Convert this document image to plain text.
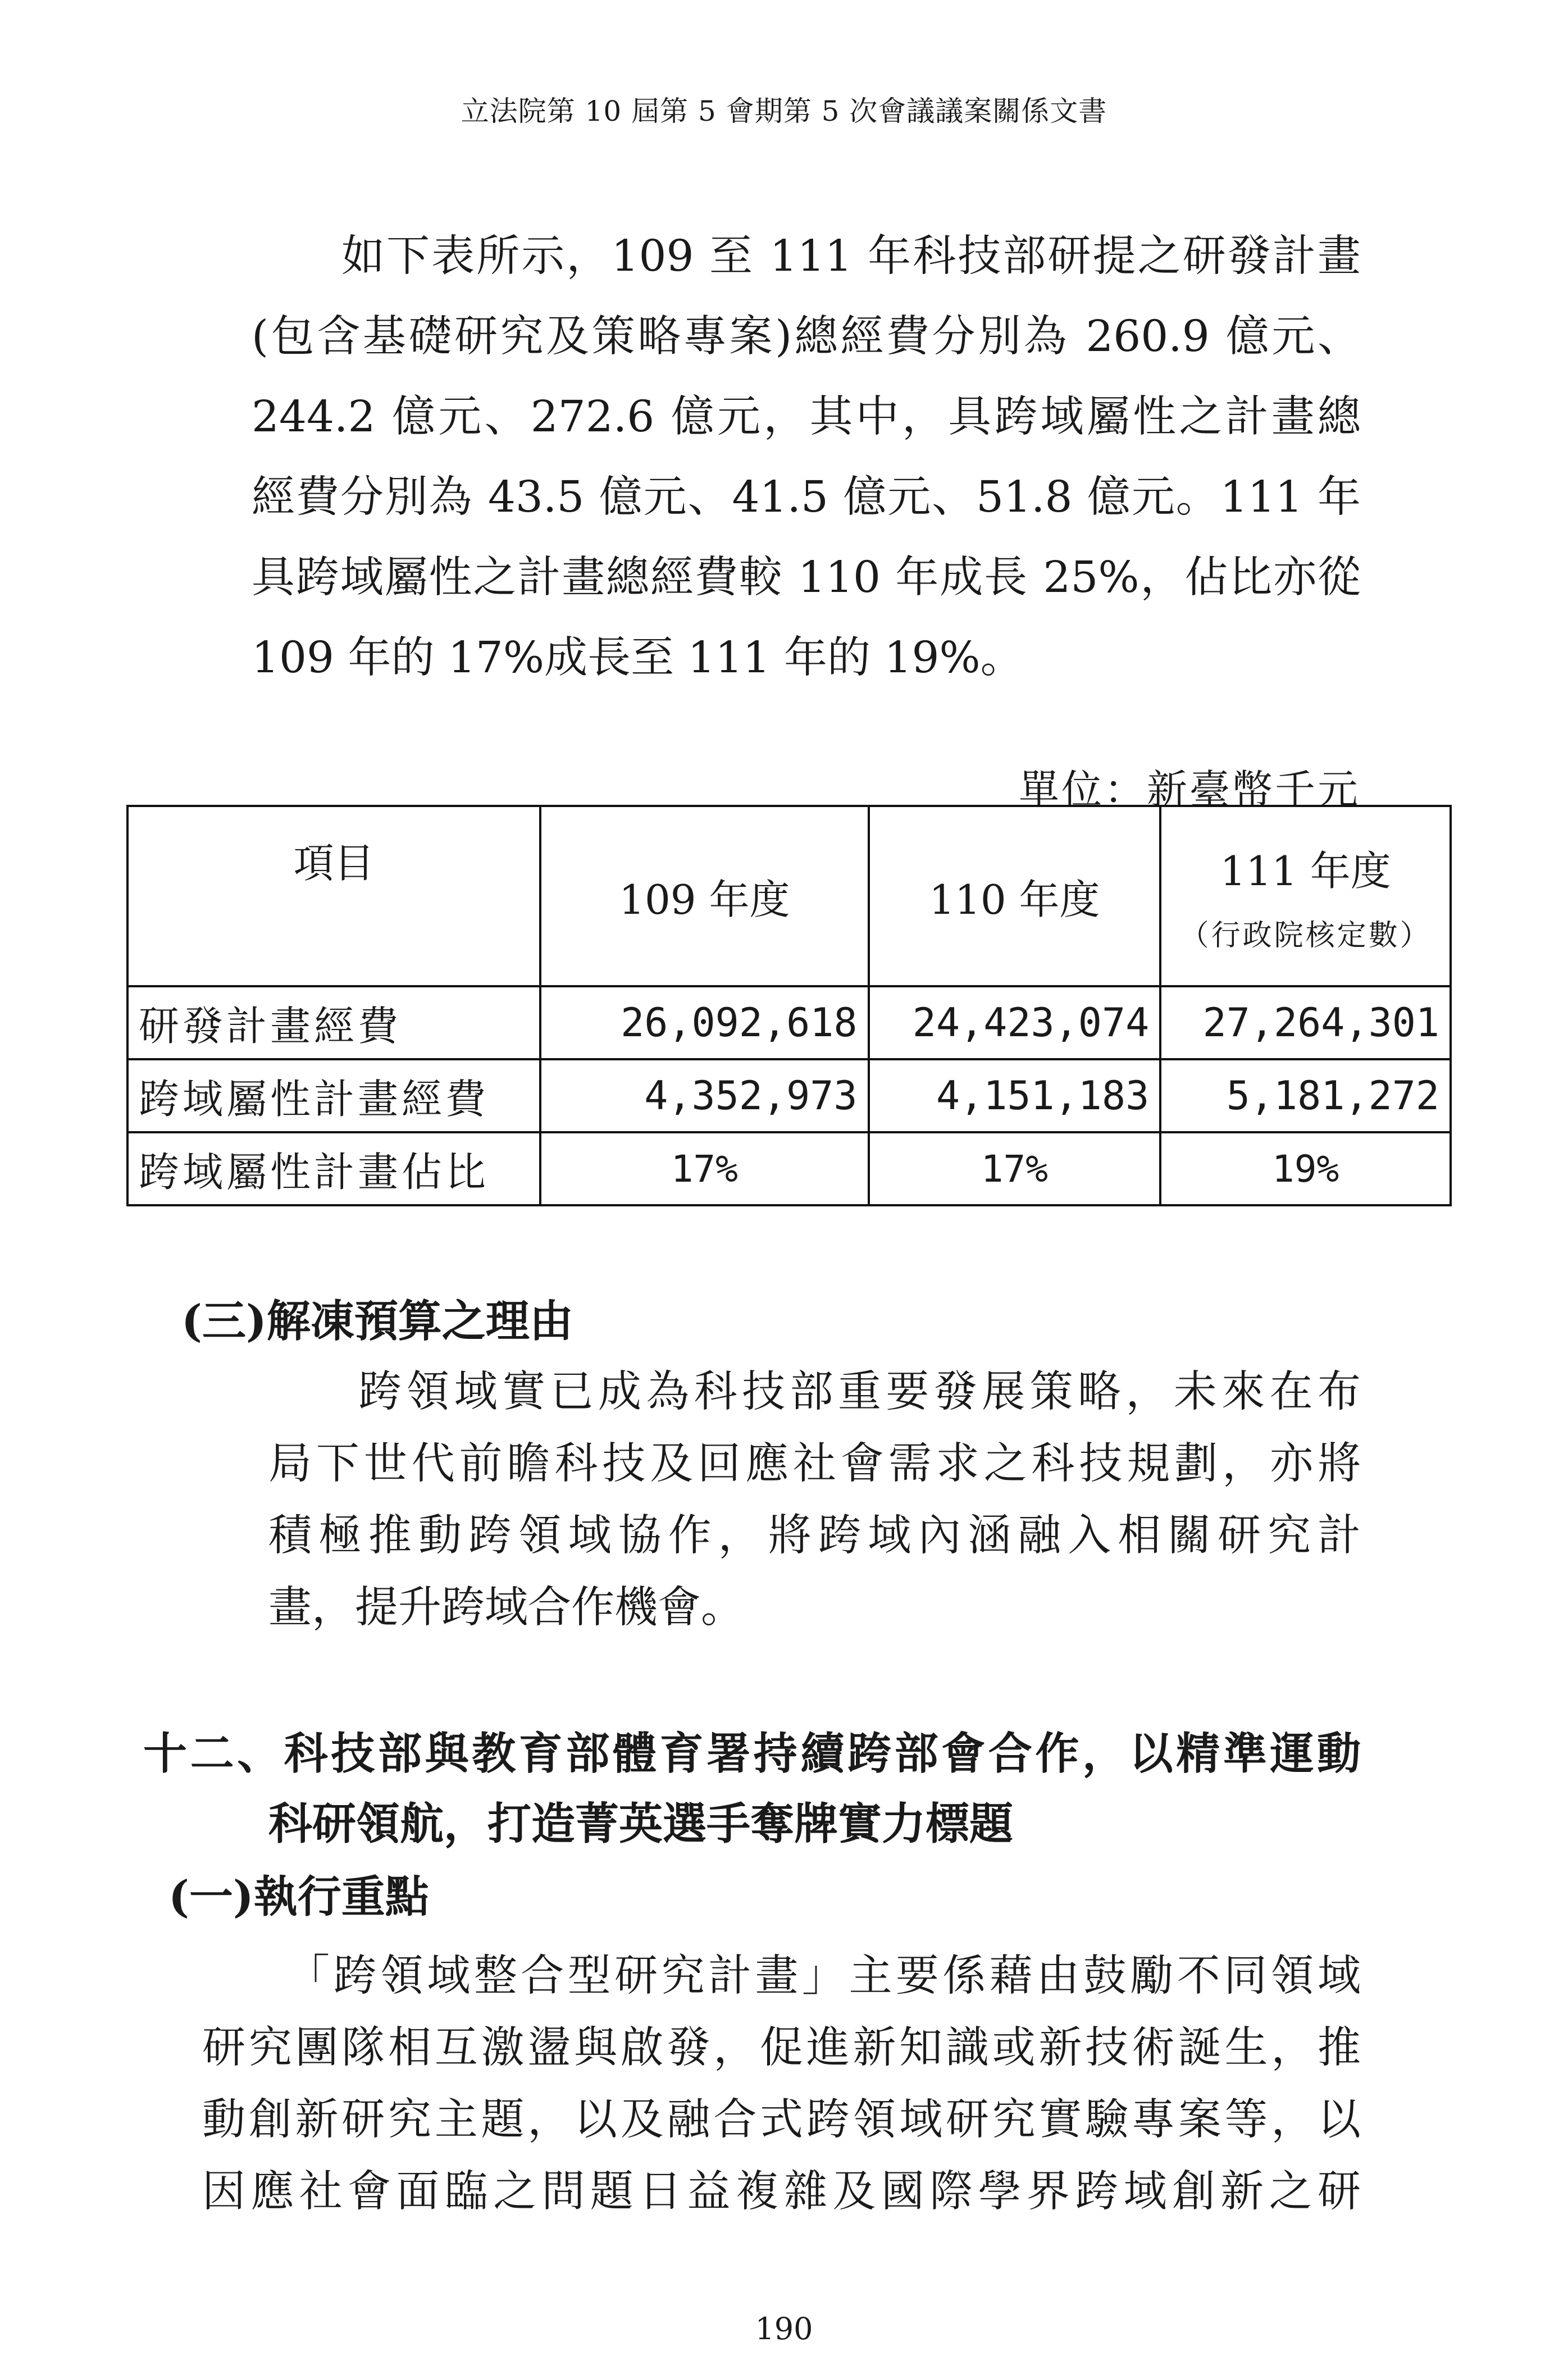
立法院第 10 屆第 5 會期第 5 次會議議案關係文書
如下表所示，109 至 111 年科技部研提之研發計畫
(包含基礎研究及策略專案)總經費分別為 260.9 億元、
244.2 億元、272.6 億元，其中，具跨域屬性之計畫總
經費分別為 43.5 億元、41.5 億元、51.8 億元。111 年
具跨域屬性之計畫總經費較 110 年成長 25%，佔比亦從
109 年的 17%成長至 111 年的 19%。
單位：新臺幣千元
項目	109 年度	110 年度	111 年度
（行政院核定數）

研發計畫經費	26,092,618	24,423,074	27,264,301
跨域屬性計畫經費	4,352,973	4,151,183	5,181,272
跨域屬性計畫佔比	17%	17%	19%
(三)解凍預算之理由
跨領域實已成為科技部重要發展策略，未來在布
局下世代前瞻科技及回應社會需求之科技規劃，亦將
積極推動跨領域協作，將跨域內涵融入相關研究計
畫，提升跨域合作機會。
十二、科技部與教育部體育署持續跨部會合作，以精準運動
科研領航，打造菁英選手奪牌實力標題
(一)執行重點
「跨領域整合型研究計畫」主要係藉由鼓勵不同領域
研究團隊相互激盪與啟發，促進新知識或新技術誕生，推
動創新研究主題，以及融合式跨領域研究實驗專案等，以
因應社會面臨之問題日益複雜及國際學界跨域創新之研
190
